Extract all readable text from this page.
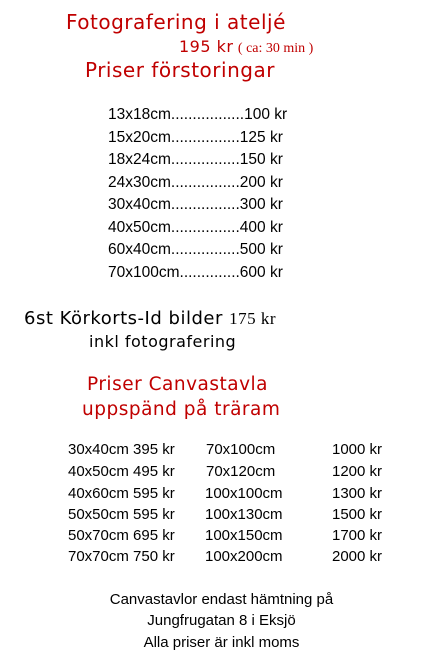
Fotografering i ateljé
195 kr ( ca: 30 min )
Priser förstoringar
13x18cm.................100 kr
15x20cm................125 kr
18x24cm................150 kr
24x30cm................200 kr
30x40cm................300 kr
40x50cm................400 kr
60x40cm................500 kr
70x100cm..............600 kr
6st Körkorts-Id bilder 175 kr
inkl fotografering
Priser Canvastavla
uppspänd på träram
30x40cm 395 kr 70x100cm	1000 kr
40x50cm 495 kr 70x120cm	1200 kr
40x60cm 595 kr 100x100cm	1300 kr
50x50cm 595 kr 100x130cm	1500 kr
50x70cm 695 kr 100x150cm	1700 kr
70x70cm 750 kr 100x200cm	2000 kr
Canvastavlor endast hämtning på
Jungfrugatan 8 i Eksjö
Alla priser är inkl moms
